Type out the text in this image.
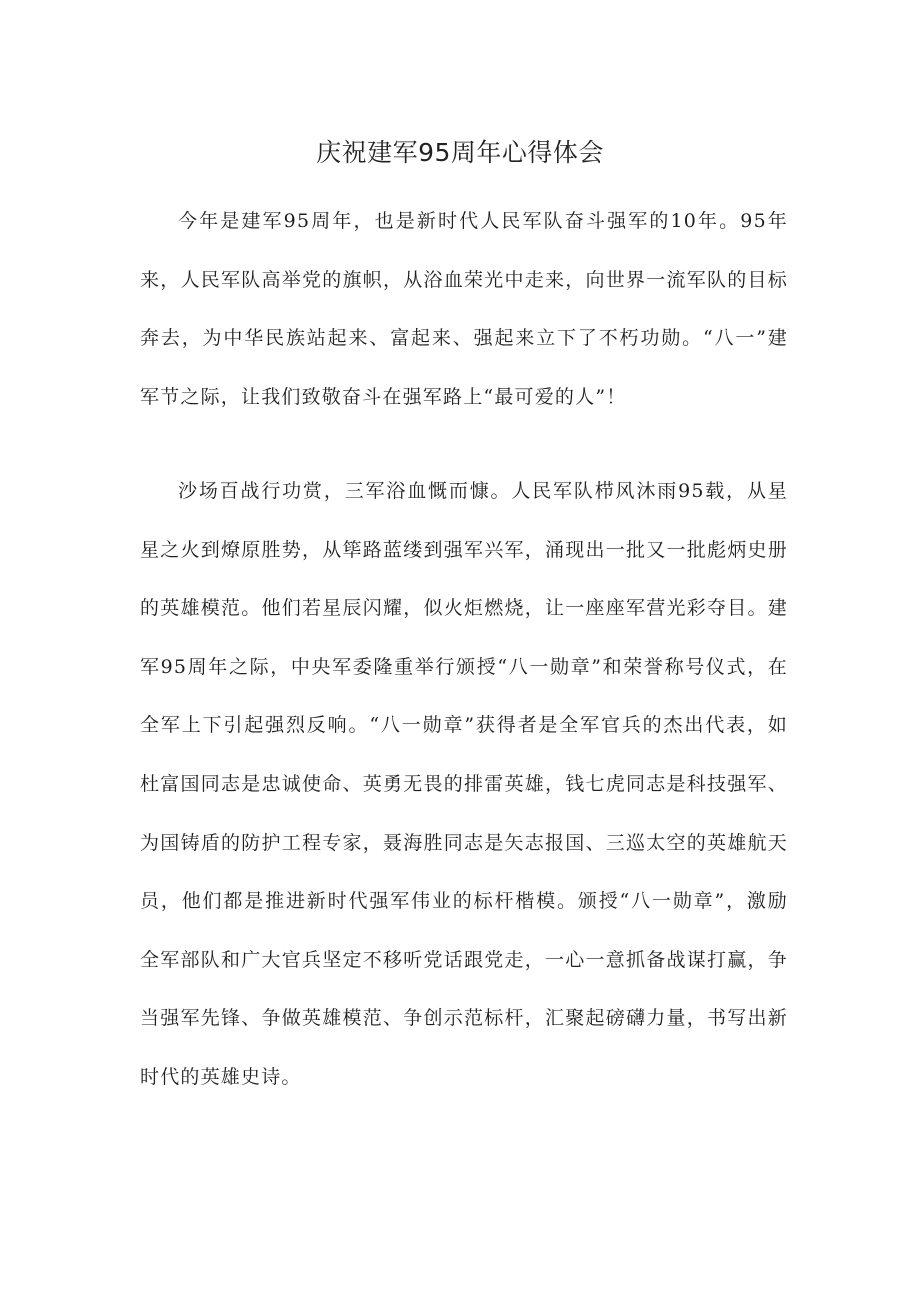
庆祝建军95周年心得体会

今年是建军95周年，也是新时代人民军队奋斗强军的10年。95年来，人民军队高举党的旗帜，从浴血荣光中走来，向世界一流军队的目标奔去，为中华民族站起来、富起来、强起来立下了不朽功勋。“八一”建军节之际，让我们致敬奋斗在强军路上“最可爱的人”！

沙场百战行功赏，三军浴血慨而慷。人民军队栉风沐雨95载，从星星之火到燎原胜势，从筚路蓝缕到强军兴军，涌现出一批又一批彪炳史册的英雄模范。他们若星辰闪耀，似火炬燃烧，让一座座军营光彩夺目。建军95周年之际，中央军委隆重举行颁授“八一勋章”和荣誉称号仪式，在全军上下引起强烈反响。“八一勋章”获得者是全军官兵的杰出代表，如杜富国同志是忠诚使命、英勇无畏的排雷英雄，钱七虎同志是科技强军、为国铸盾的防护工程专家，聂海胜同志是矢志报国、三巡太空的英雄航天员，他们都是推进新时代强军伟业的标杆楷模。颁授“八一勋章”，激励全军部队和广大官兵坚定不移听党话跟党走，一心一意抓备战谋打赢，争当强军先锋、争做英雄模范、争创示范标杆，汇聚起磅礴力量，书写出新时代的英雄史诗。
